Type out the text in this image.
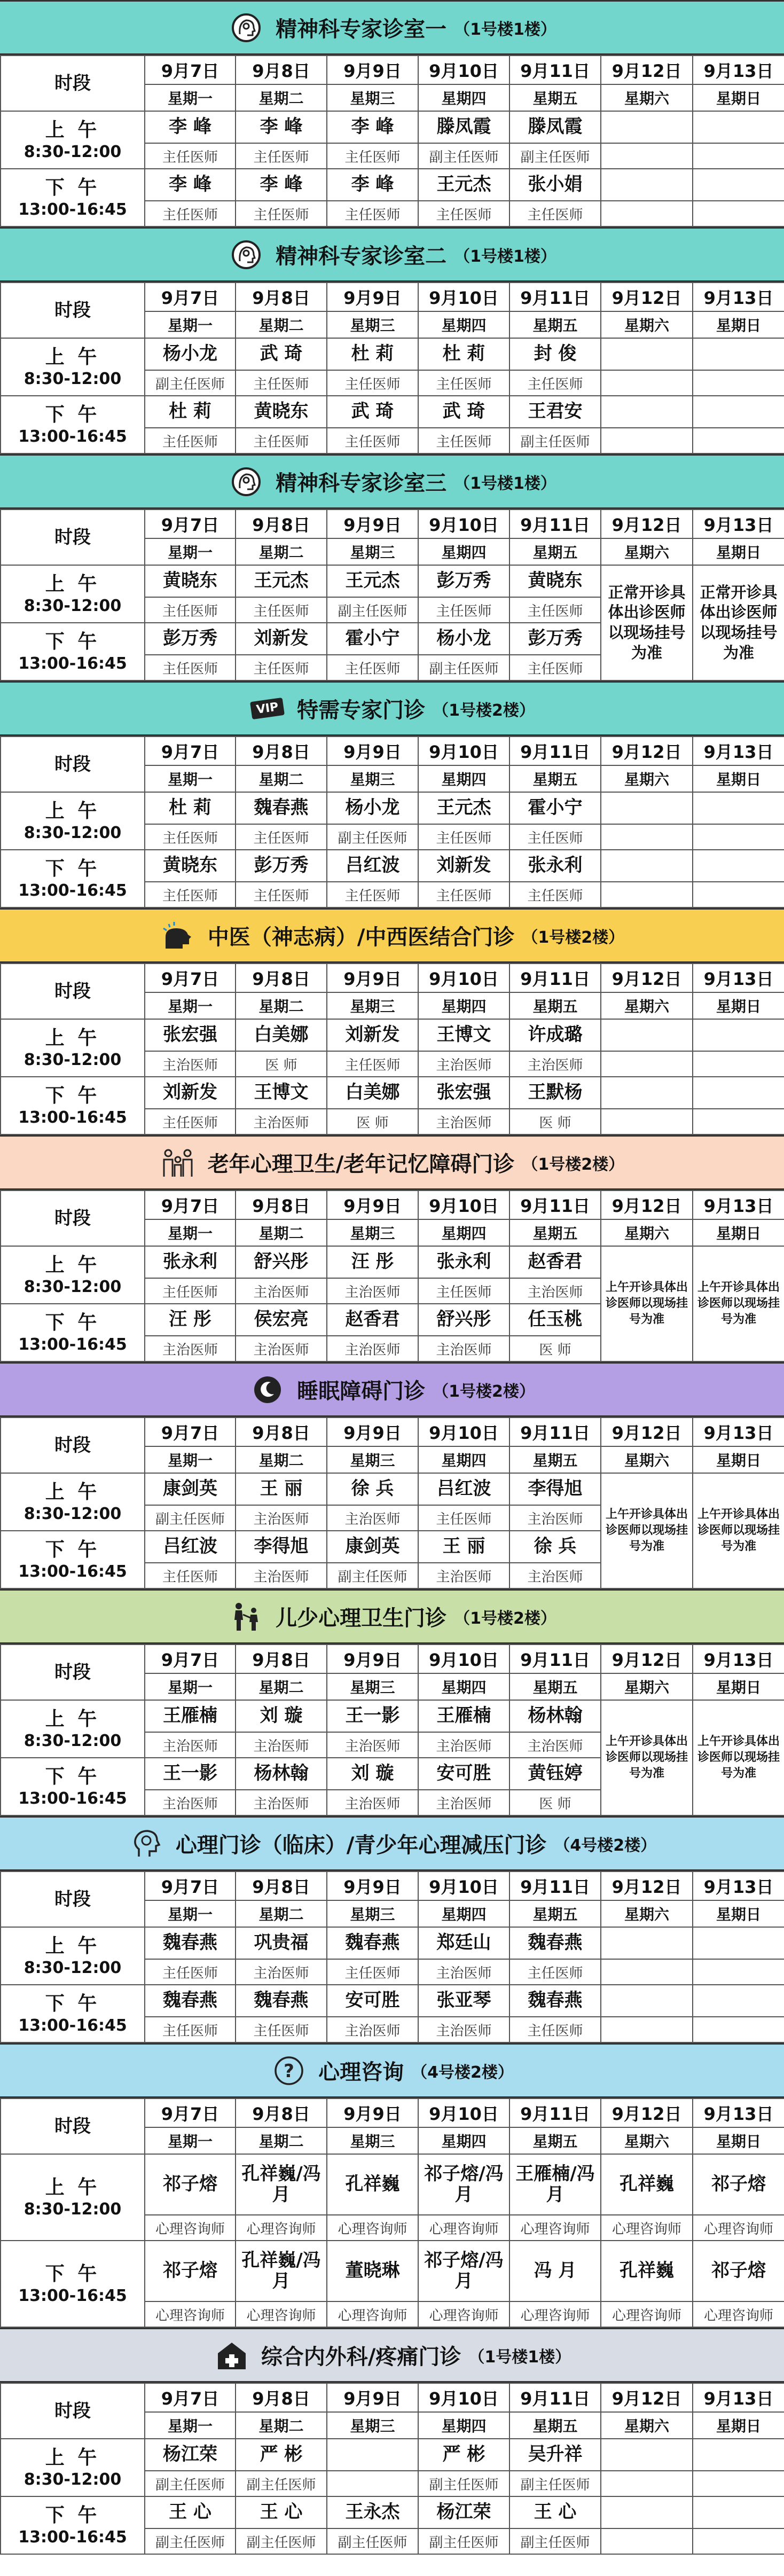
精神科专家诊室一 （1号楼1楼）
时段	9月7日	9月8日	9月9日	9月10日	9月11日	9月12日	9月13日
	星期一	星期二	星期三	星期四	星期五	星期六	星期日

上 午
8:30-12:00	李 峰	李 峰	李 峰	滕凤霞	滕凤霞		
	主任医师	主任医师	主任医师	副主任医师	副主任医师		

下 午
13:00-16:45	李 峰	李 峰	李 峰	王元杰	张小娟		
	主任医师	主任医师	主任医师	主任医师	主任医师		
精神科专家诊室二 （1号楼1楼）
时段	9月7日	9月8日	9月9日	9月10日	9月11日	9月12日	9月13日
	星期一	星期二	星期三	星期四	星期五	星期六	星期日

上 午
8:30-12:00	杨小龙	武 琦	杜 莉	杜 莉	封 俊		
	副主任医师	主任医师	主任医师	主任医师	主任医师		

下 午
13:00-16:45	杜 莉	黄晓东	武 琦	武 琦	王君安		
	主任医师	主任医师	主任医师	主任医师	副主任医师		
精神科专家诊室三 （1号楼1楼）
时段	9月7日	9月8日	9月9日	9月10日	9月11日	9月12日	9月13日
	星期一	星期二	星期三	星期四	星期五	星期六	星期日

上 午
8:30-12:00	黄晓东	王元杰	王元杰	彭万秀	黄晓东	正常开诊具体出诊医师以现场挂号为准	正常开诊具体出诊医师以现场挂号为准
	主任医师	主任医师	副主任医师	主任医师	主任医师		

下 午
13:00-16:45	彭万秀	刘新发	霍小宁	杨小龙	彭万秀		
	主任医师	主任医师	主任医师	副主任医师	主任医师		
VIP 特需专家门诊 （1号楼2楼）
时段	9月7日	9月8日	9月9日	9月10日	9月11日	9月12日	9月13日
	星期一	星期二	星期三	星期四	星期五	星期六	星期日

上 午
8:30-12:00	杜 莉	魏春燕	杨小龙	王元杰	霍小宁		
	主任医师	主任医师	副主任医师	主任医师	主任医师		

下 午
13:00-16:45	黄晓东	彭万秀	吕红波	刘新发	张永利		
	主任医师	主任医师	主任医师	主任医师	主任医师		
中医（神志病）/中西医结合门诊 （1号楼2楼）
时段	9月7日	9月8日	9月9日	9月10日	9月11日	9月12日	9月13日
	星期一	星期二	星期三	星期四	星期五	星期六	星期日

上 午
8:30-12:00	张宏强	白美娜	刘新发	王博文	许成璐		
	主治医师	医 师	主任医师	主治医师	主治医师		

下 午
13:00-16:45	刘新发	王博文	白美娜	张宏强	王默杨		
	主任医师	主治医师	医 师	主治医师	医 师		
老年心理卫生/老年记忆障碍门诊 （1号楼2楼）
时段	9月7日	9月8日	9月9日	9月10日	9月11日	9月12日	9月13日
	星期一	星期二	星期三	星期四	星期五	星期六	星期日

上 午
8:30-12:00	张永利	舒兴彤	汪 彤	张永利	赵香君	上午开诊具体出诊医师以现场挂号为准	上午开诊具体出诊医师以现场挂号为准
	主任医师	主治医师	主治医师	主任医师	主治医师		

下 午
13:00-16:45	汪 彤	侯宏亮	赵香君	舒兴彤	任玉桃		
	主治医师	主治医师	主治医师	主治医师	医 师		
睡眠障碍门诊 （1号楼2楼）
时段	9月7日	9月8日	9月9日	9月10日	9月11日	9月12日	9月13日
	星期一	星期二	星期三	星期四	星期五	星期六	星期日

上 午
8:30-12:00	康剑英	王 丽	徐 兵	吕红波	李得旭	上午开诊具体出诊医师以现场挂号为准	上午开诊具体出诊医师以现场挂号为准
	副主任医师	主治医师	主治医师	主任医师	主治医师		

下 午
13:00-16:45	吕红波	李得旭	康剑英	王 丽	徐 兵		
	主任医师	主治医师	副主任医师	主治医师	主治医师		
儿少心理卫生门诊 （1号楼2楼）
时段	9月7日	9月8日	9月9日	9月10日	9月11日	9月12日	9月13日
	星期一	星期二	星期三	星期四	星期五	星期六	星期日

上 午
8:30-12:00	王雁楠	刘 璇	王一影	王雁楠	杨林翰	上午开诊具体出诊医师以现场挂号为准	上午开诊具体出诊医师以现场挂号为准
	主治医师	主治医师	主治医师	主治医师	主治医师		

下 午
13:00-16:45	王一影	杨林翰	刘 璇	安可胜	黄钰婷		
	主治医师	主治医师	主治医师	主治医师	医 师		
心理门诊（临床）/青少年心理减压门诊 （4号楼2楼）
时段	9月7日	9月8日	9月9日	9月10日	9月11日	9月12日	9月13日
	星期一	星期二	星期三	星期四	星期五	星期六	星期日

上 午
8:30-12:00	魏春燕	巩贵福	魏春燕	郑廷山	魏春燕		
	主任医师	主治医师	主任医师	主治医师	主任医师		

下 午
13:00-16:45	魏春燕	魏春燕	安可胜	张亚琴	魏春燕		
	主任医师	主任医师	主治医师	主治医师	主任医师		
? 心理咨询 （4号楼2楼）
时段	9月7日	9月8日	9月9日	9月10日	9月11日	9月12日	9月13日
	星期一	星期二	星期三	星期四	星期五	星期六	星期日

上 午
8:30-12:00	祁子熔	孔祥巍/冯 月	孔祥巍	祁子熔/冯 月	王雁楠/冯 月	孔祥巍	祁子熔
	心理咨询师	心理咨询师	心理咨询师	心理咨询师	心理咨询师	心理咨询师	心理咨询师

下 午
13:00-16:45	祁子熔	孔祥巍/冯 月	董晓琳	祁子熔/冯 月	冯 月	孔祥巍	祁子熔
	心理咨询师	心理咨询师	心理咨询师	心理咨询师	心理咨询师	心理咨询师	心理咨询师
综合内外科/疼痛门诊 （1号楼1楼）
时段	9月7日	9月8日	9月9日	9月10日	9月11日	9月12日	9月13日
	星期一	星期二	星期三	星期四	星期五	星期六	星期日

上 午
8:30-12:00	杨江荣	严 彬		严 彬	吴升祥		
	副主任医师	副主任医师		副主任医师	副主任医师		

下 午
13:00-16:45	王 心	王 心	王永杰	杨江荣	王 心		
	副主任医师	副主任医师	副主任医师	副主任医师	副主任医师		
